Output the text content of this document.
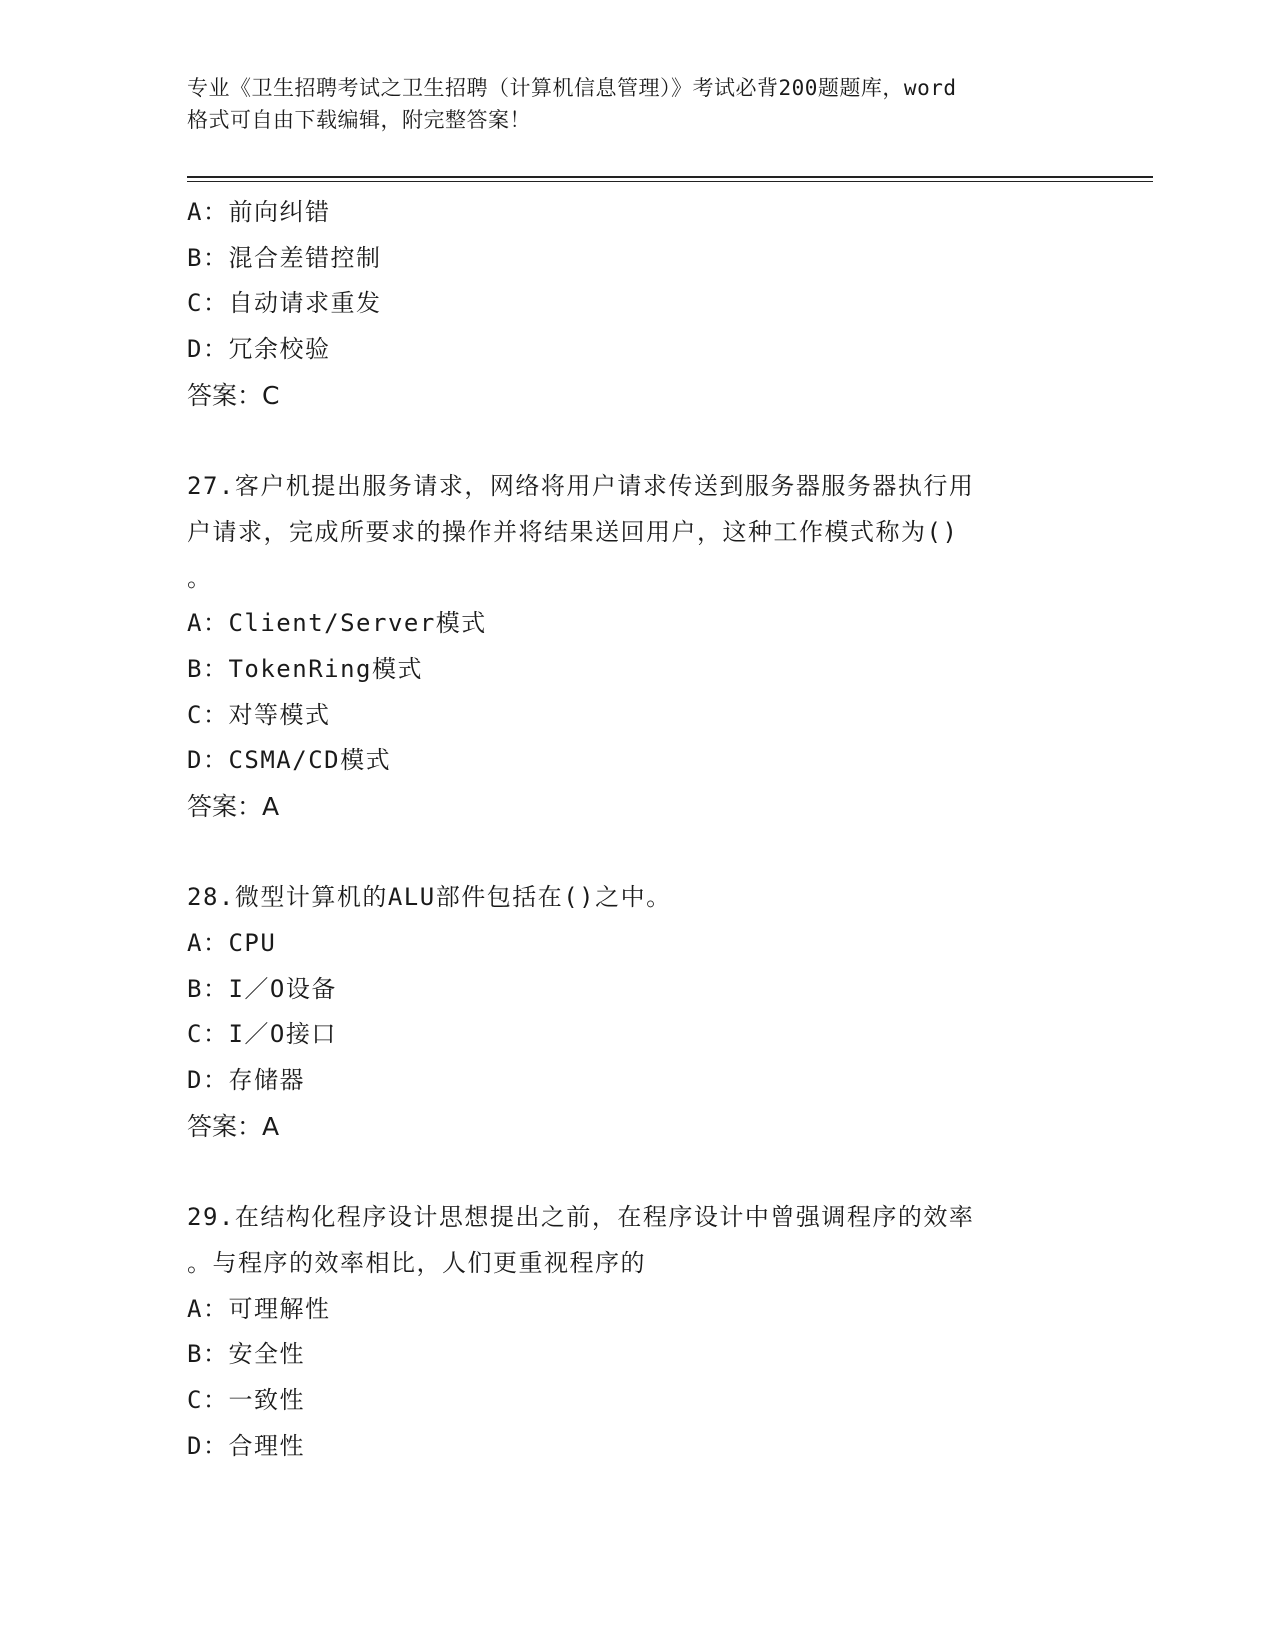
专业《卫生招聘考试之卫生招聘（计算机信息管理）》考试必背200题题库，word
格式可自由下载编辑，附完整答案！
A：前向纠错
B：混合差错控制
C：自动请求重发
D：冗余校验
答案：C
27.客户机提出服务请求，网络将用户请求传送到服务器服务器执行用
户请求，完成所要求的操作并将结果送回用户，这种工作模式称为()
。
A：Client/Server模式
B：TokenRing模式
C：对等模式
D：CSMA/CD模式
答案：A
28.微型计算机的ALU部件包括在()之中。
A：CPU
B：I／O设备
C：I／O接口
D：存储器
答案：A
29.在结构化程序设计思想提出之前，在程序设计中曾强调程序的效率
。与程序的效率相比，人们更重视程序的
A：可理解性
B：安全性
C：一致性
D：合理性
